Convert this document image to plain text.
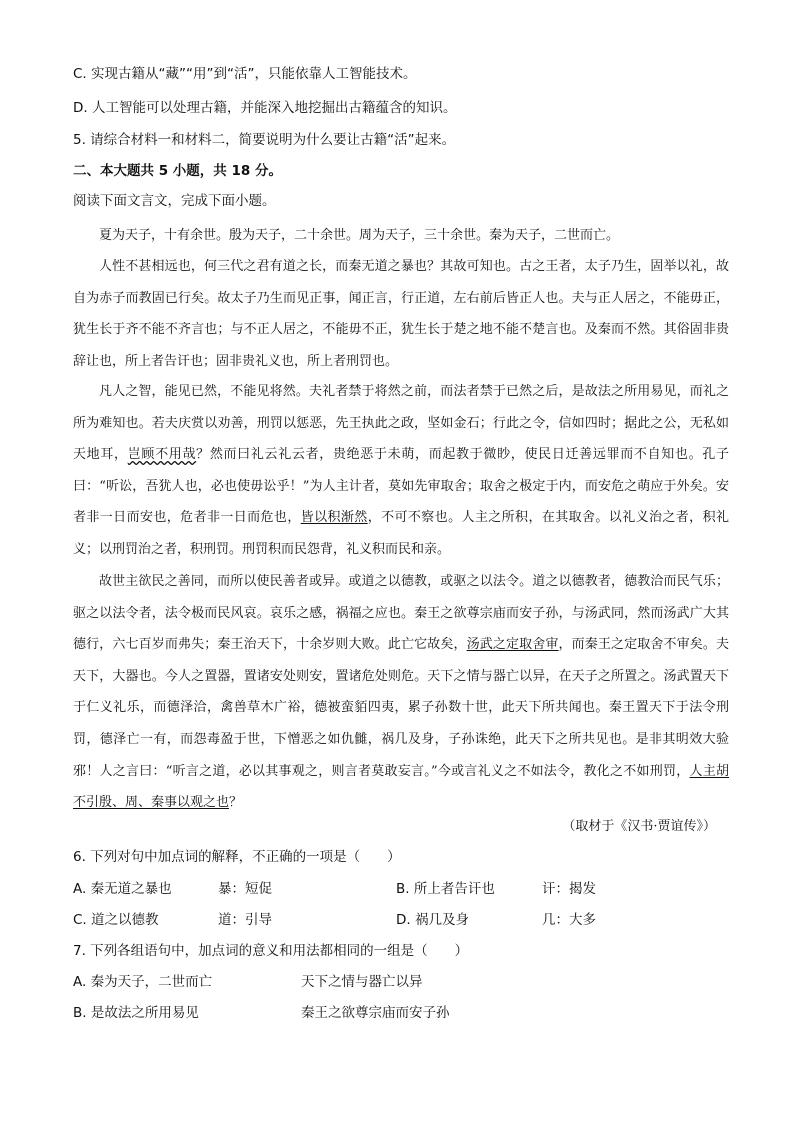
C. 实现古籍从“藏”“用”到“活”，只能依靠人工智能技术。
D. 人工智能可以处理古籍，并能深入地挖掘出古籍蕴含的知识。
5. 请综合材料一和材料二，简要说明为什么要让古籍“活”起来。
二、本大题共 5 小题，共 18 分。
阅读下面文言文，完成下面小题。

夏为天子，十有余世。殷为天子，二十余世。周为天子，三十余世。秦为天子，二世而亡。

人性不甚相远也，何三代之君有道之长，而秦无道之暴也？其故可知也。古之王者，太子乃生，固举以礼，故自为赤子而教固已行矣。故太子乃生而见正事，闻正言，行正道，左右前后皆正人也。夫与正人居之，不能毋正，犹生长于齐不能不齐言也；与不正人居之，不能毋不正，犹生长于楚之地不能不楚言也。及秦而不然。其俗固非贵辞让也，所上者告讦也；固非贵礼义也，所上者刑罚也。

凡人之智，能见已然，不能见将然。夫礼者禁于将然之前，而法者禁于已然之后，是故法之所用易见，而礼之所为难知也。若夫庆赏以劝善，刑罚以惩恶，先王执此之政，坚如金石；行此之令，信如四时；据此之公，无私如天地耳，岂顾不用哉？然而曰礼云礼云者，贵绝恶于未萌，而起教于微眇，使民日迁善远罪而不自知也。孔子曰：“听讼，吾犹人也，必也使毋讼乎！”为人主计者，莫如先审取舍；取舍之极定于内，而安危之萌应于外矣。安者非一日而安也，危者非一日而危也，皆以积渐然，不可不察也。人主之所积，在其取舍。以礼义治之者，积礼义；以刑罚治之者，积刑罚。刑罚积而民怨背，礼义积而民和亲。

故世主欲民之善同，而所以使民善者或异。或道之以德教，或驱之以法令。道之以德教者，德教洽而民气乐；驱之以法令者，法令极而民风哀。哀乐之感，祸福之应也。秦王之欲尊宗庙而安子孙，与汤武同，然而汤武广大其德行，六七百岁而弗失；秦王治天下，十余岁则大败。此亡它故矣，汤武之定取舍审，而秦王之定取舍不审矣。夫天下，大器也。今人之置器，置诸安处则安，置诸危处则危。天下之情与器亡以异，在天子之所置之。汤武置天下于仁义礼乐，而德泽洽，禽兽草木广裕，德被蛮貊四夷，累子孙数十世，此天下所共闻也。秦王置天下于法令刑罚，德泽亡一有，而怨毒盈于世，下憎恶之如仇雠，祸几及身，子孙诛绝，此天下之所共见也。是非其明效大验邪！人之言曰：“听言之道，必以其事观之，则言者莫敢妄言。”今或言礼义之不如法令，教化之不如刑罚，人主胡不引殷、周、秦事以观之也？

（取材于《汉书·贾谊传》）
6. 下列对句中加点词的解释，不正确的一项是（　　）
A. 秦无道之暴也	暴：短促	B. 所上者告讦也	讦：揭发
C. 道之以德教	道：引导	D. 祸几及身	几：大多
7. 下列各组语句中，加点词的意义和用法都相同的一组是（　　）
A. 秦为天子，二世而亡	天下之情与器亡以异
B. 是故法之所用易见	秦王之欲尊宗庙而安子孙
